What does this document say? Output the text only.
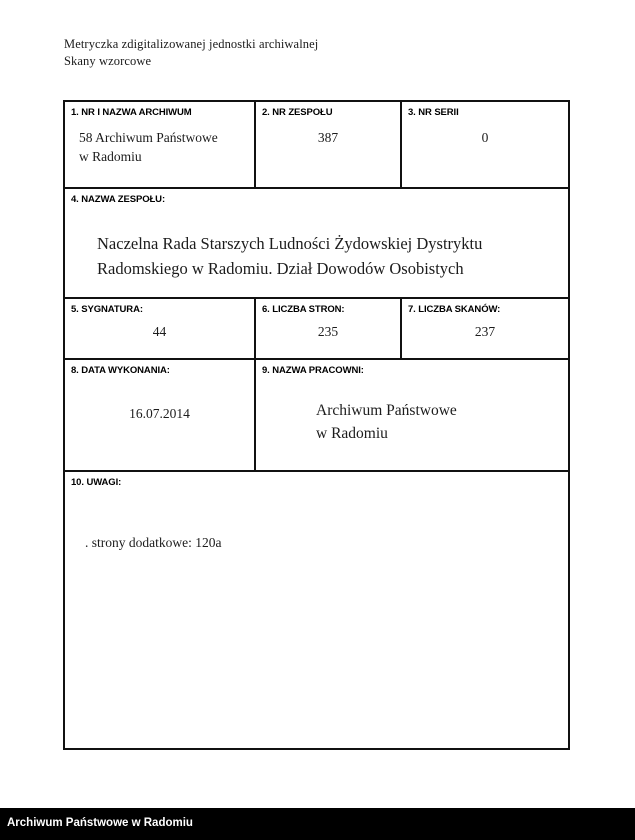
Metryczka zdigitalizowanej jednostki archiwalnej
Skany wzorcowe
1. NR I NAZWA ARCHIWUM
58 Archiwum Państwowe
w Radomiu
2. NR ZESPOŁU
387
3. NR SERII
0
4. NAZWA ZESPOŁU:
Naczelna Rada Starszych Ludności Żydowskiej Dystryktu
Radomskiego w Radomiu. Dział Dowodów Osobistych
5. SYGNATURA:
44
6. LICZBA STRON:
235
7. LICZBA SKANÓW:
237
8. DATA WYKONANIA:
16.07.2014
9. NAZWA PRACOWNI:
Archiwum Państwowe
w Radomiu
10. UWAGI:
. strony dodatkowe: 120a
Archiwum Państwowe w Radomiu
